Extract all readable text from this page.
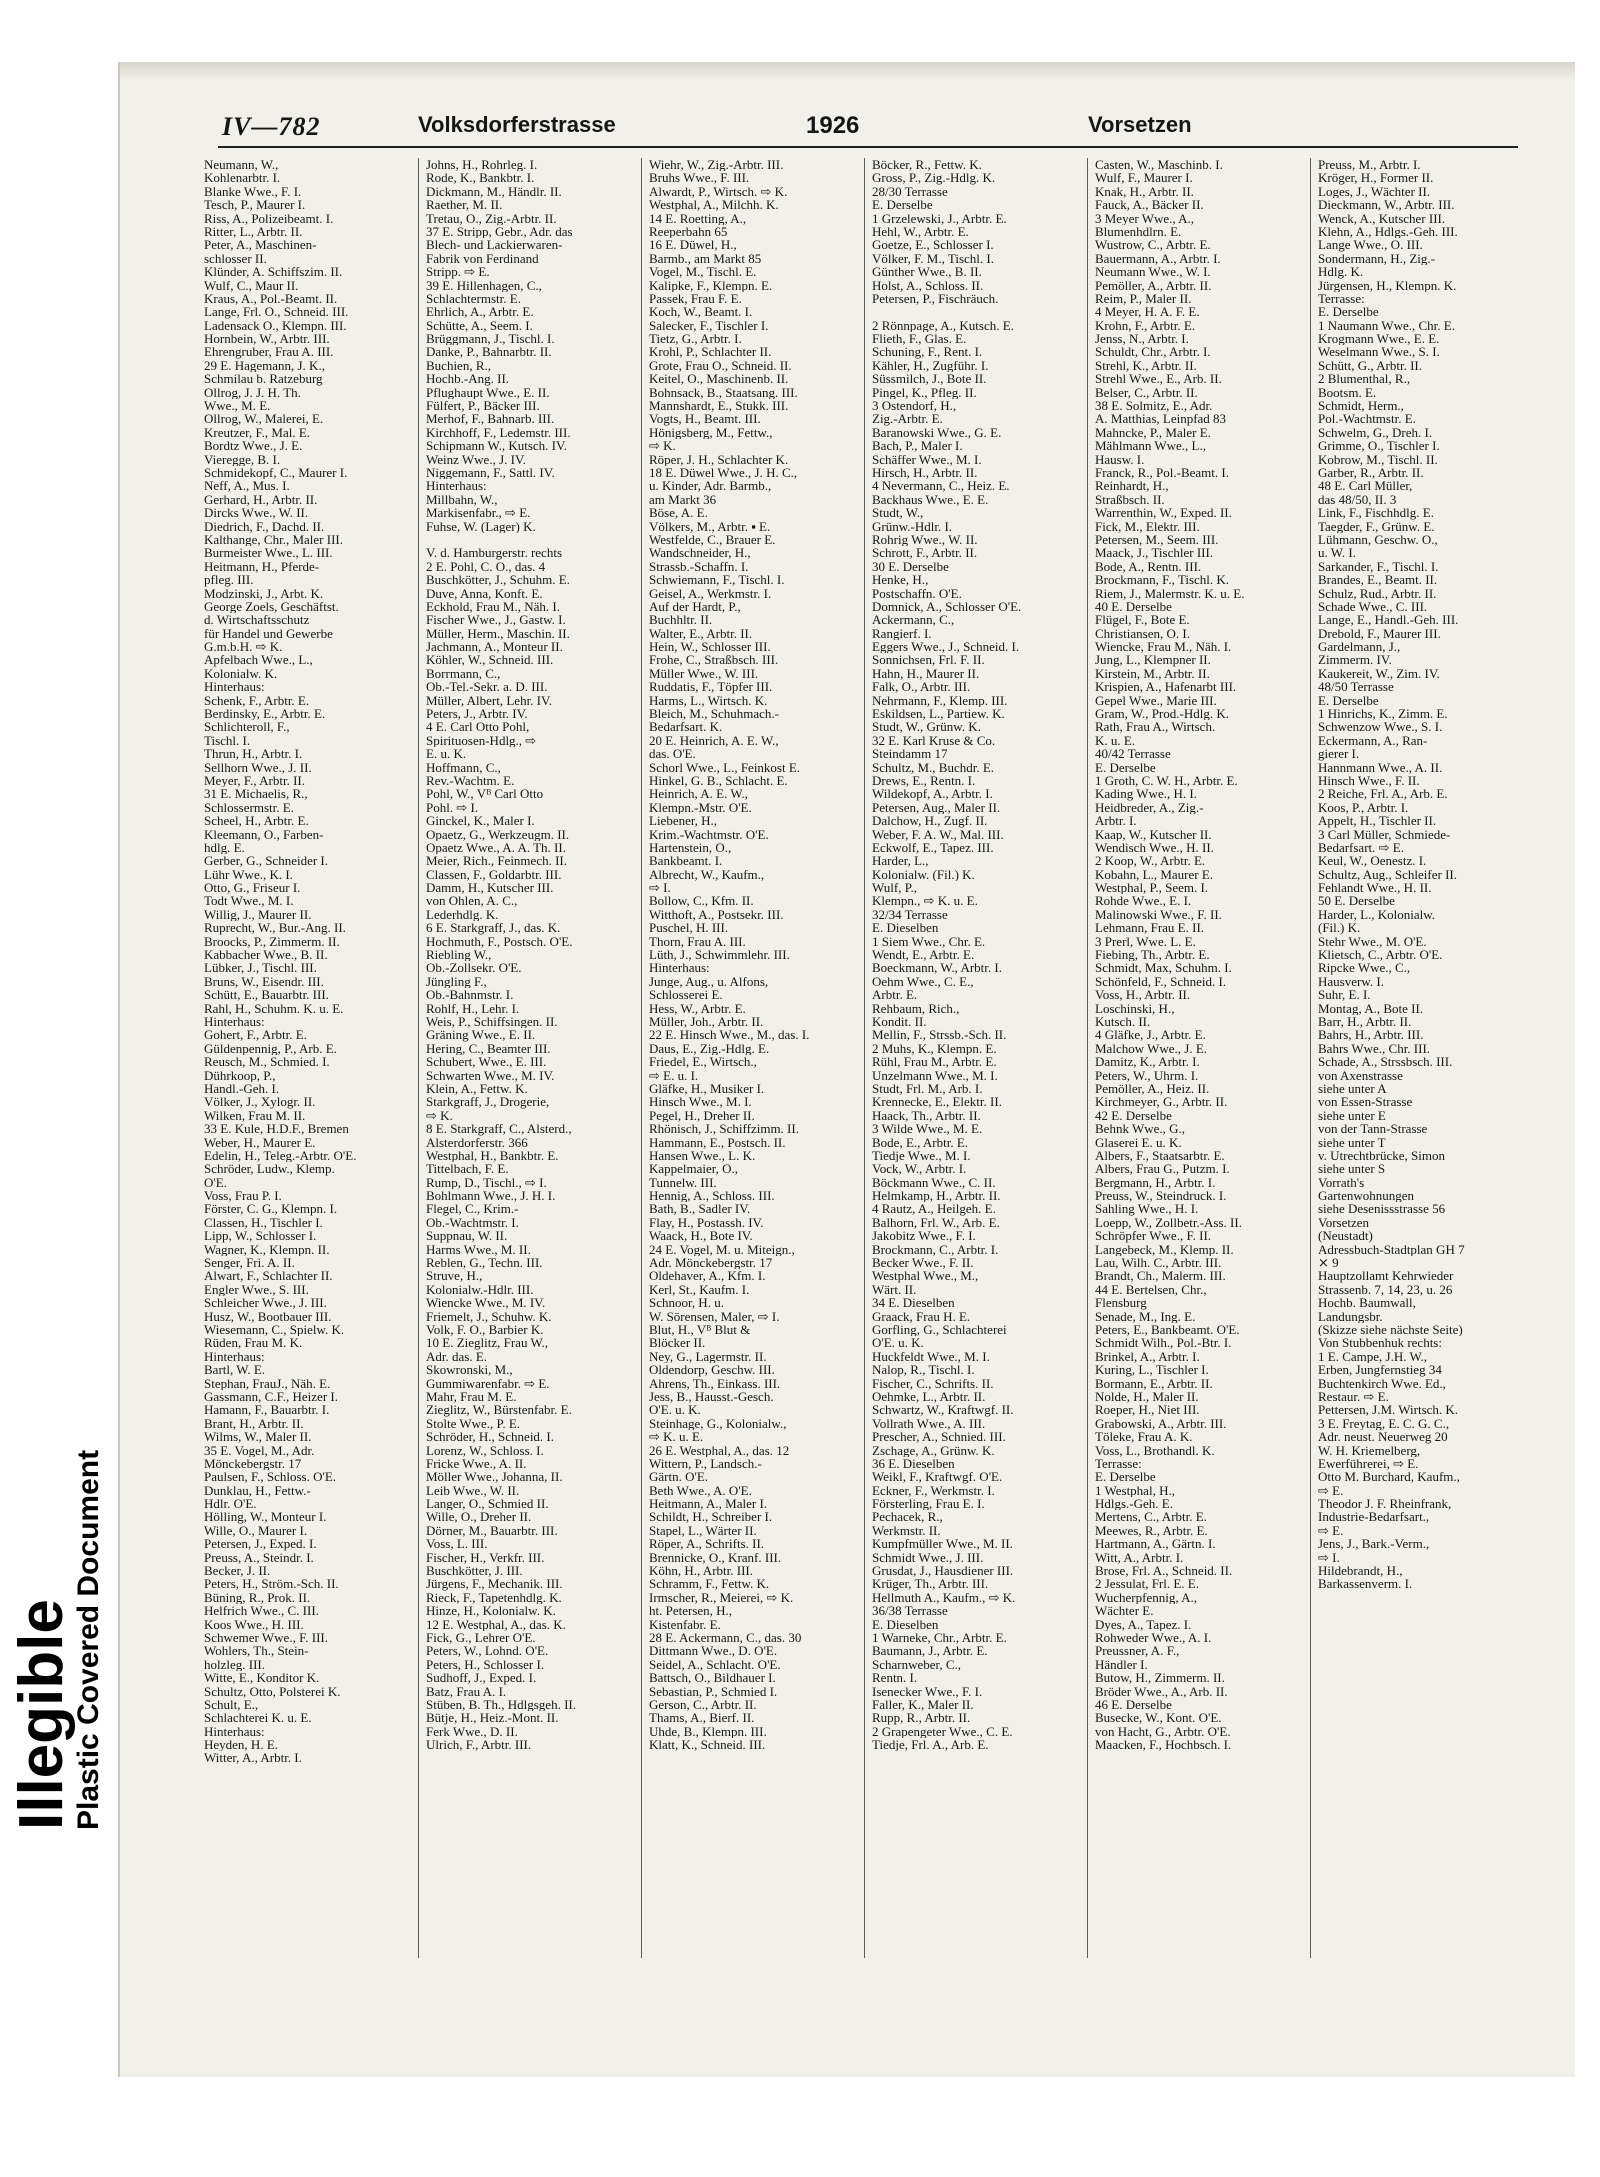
Illegible
Plastic Covered Document
IV—782	Volksdorferstrasse	1926	Vorsetzen
Neumann, W.,
Kohlenarbtr. I.
Blanke Wwe., F. I.
Tesch, P., Maurer I.
Riss, A., Polizeibeamt. I.
Ritter, L., Arbtr. II.
Peter, A., Maschinen-
schlosser II.
Klünder, A. Schiffszim. II.
Wulf, C., Maur II.
Kraus, A., Pol.-Beamt. II.
Lange, Frl. O., Schneid. III.
Ladensack O., Klempn. III.
Hornbein, W., Arbtr. III.
Ehrengruber, Frau A. III.
29 E. Hagemann, J. K.,
Schmilau b. Ratzeburg
Ollrog, J. J. H. Th.
Wwe., M. E.
Ollrog, W., Malerei, E.
Kreutzer, F., Mal. E.
Bordtz Wwe., J. E.
Vieregge, B. I.
Schmidekopf, C., Maurer I.
Neff, A., Mus. I.
Gerhard, H., Arbtr. II.
Dircks Wwe., W. II.
Diedrich, F., Dachd. II.
Kalthange, Chr., Maler III.
Burmeister Wwe., L. III.
Heitmann, H., Pferde-
pfleg. III.
Modzinski, J., Arbt. K.
George Zoels, Geschäftst.
d. Wirtschaftsschutz
für Handel und Gewerbe
G.m.b.H. ⇨ K.
Apfelbach Wwe., L.,
Kolonialw. K.
Hinterhaus:
Schenk, F., Arbtr. E.
Berdinsky, E., Arbtr. E.
Schlichteroll, F.,
Tischl. I.
Thrun, H., Arbtr. I.
Sellhorn Wwe., J. II.
Meyer, F., Arbtr. II.
31 E. Michaelis, R.,
Schlossermstr. E.
Scheel, H., Arbtr. E.
Kleemann, O., Farben-
hdlg. E.
Gerber, G., Schneider I.
Lühr Wwe., K. I.
Otto, G., Friseur I.
Todt Wwe., M. I.
Willig, J., Maurer II.
Ruprecht, W., Bur.-Ang. II.
Broocks, P., Zimmerm. II.
Kabbacher Wwe., B. II.
Lübker, J., Tischl. III.
Bruns, W., Eisendr. III.
Schütt, E., Bauarbtr. III.
Rahl, H., Schuhm. K. u. E.
Hinterhaus:
Gohert, F., Arbtr. E.
Güldenpennig, P., Arb. E.
Reusch, M., Schmied. I.
Dührkoop, P.,
Handl.-Geh. I.
Völker, J., Xylogr. II.
Wilken, Frau M. II.
33 E. Kule, H.D.F., Bremen
Weber, H., Maurer E.
Edelin, H., Teleg.-Arbtr. O'E.
Schröder, Ludw., Klemp.
O'E.
Voss, Frau P. I.
Förster, C. G., Klempn. I.
Classen, H., Tischler I.
Lipp, W., Schlosser I.
Wagner, K., Klempn. II.
Senger, Fri. A. II.
Alwart, F., Schlachter II.
Engler Wwe., S. III.
Schleicher Wwe., J. III.
Husz, W., Bootbauer III.
Wiesemann, C., Spielw. K.
Rüden, Frau M. K.
Hinterhaus:
Bartl, W. E.
Stephan, FrauJ., Näh. E.
Gassmann, C.F., Heizer I.
Hamann, F., Bauarbtr. I.
Brant, H., Arbtr. II.
Wilms, W., Maler II.
35 E. Vogel, M., Adr.
Mönckebergstr. 17
Paulsen, F., Schloss. O'E.
Dunklau, H., Fettw.-
Hdlr. O'E.
Hölling, W., Monteur I.
Wille, O., Maurer I.
Petersen, J., Exped. I.
Preuss, A., Steindr. I.
Becker, J. II.
Peters, H., Ström.-Sch. II.
Büning, R., Prok. II.
Helfrich Wwe., C. III.
Koos Wwe., H. III.
Schwemer Wwe., F. III.
Wohlers, Th., Stein-
holzleg. III.
Witte, E., Konditor K.
Schultz, Otto, Polsterei K.
Schult, E.,
Schlachterei K. u. E.
Hinterhaus:
Heyden, H. E.
Witter, A., Arbtr. I.
Johns, H., Rohrleg. I.
Rode, K., Bankbtr. I.
Dickmann, M., Händlr. II.
Raether, M. II.
Tretau, O., Zig.-Arbtr. II.
37 E. Stripp, Gebr., Adr. das
Blech- und Lackierwaren-
Fabrik von Ferdinand
Stripp. ⇨ E.
39 E. Hillenhagen, C.,
Schlachtermstr. E.
Ehrlich, A., Arbtr. E.
Schütte, A., Seem. I.
Brüggmann, J., Tischl. I.
Danke, P., Bahnarbtr. II.
Buchien, R.,
Hochb.-Ang. II.
Pflughaupt Wwe., E. II.
Fülfert, P., Bäcker III.
Merhof, F., Bahnarb. III.
Kirchhoff, F., Ledemstr. III.
Schipmann W., Kutsch. IV.
Weinz Wwe., J. IV.
Niggemann, F., Sattl. IV.
Hinterhaus:
Millbahn, W.,
Markisenfabr., ⇨ E.
Fuhse, W. (Lager) K.
V. d. Hamburgerstr. rechts
2 E. Pohl, C. O., das. 4
Buschkötter, J., Schuhm. E.
Duve, Anna, Konft. E.
Eckhold, Frau M., Näh. I.
Fischer Wwe., J., Gastw. I.
Müller, Herm., Maschin. II.
Jachmann, A., Monteur II.
Köhler, W., Schneid. III.
Borrmann, C.,
Ob.-Tel.-Sekr. a. D. III.
Müller, Albert, Lehr. IV.
Peters, J., Arbtr. IV.
4 E. Carl Otto Pohl,
Spirituosen-Hdlg., ⇨
E. u. K.
Hoffmann, C.,
Rev.-Wachtm. E.
Pohl, W., Vᴮ Carl Otto
Pohl. ⇨ I.
Ginckel, K., Maler I.
Opaetz, G., Werkzeugm. II.
Opaetz Wwe., A. A. Th. II.
Meier, Rich., Feinmech. II.
Classen, F., Goldarbtr. III.
Damm, H., Kutscher III.
von Ohlen, A. C.,
Lederhdlg. K.
6 E. Starkgraff, J., das. K.
Hochmuth, F., Postsch. O'E.
Riebling W.,
Ob.-Zollsekr. O'E.
Jüngling F.,
Ob.-Bahnmstr. I.
Rohlf, H., Lehr. I.
Weis, P., Schiffsingen. II.
Gräning Wwe., E. II.
Hering, C., Beamter III.
Schubert, Wwe., E. III.
Schwarten Wwe., M. IV.
Klein, A., Fettw. K.
Starkgraff, J., Drogerie,
⇨ K.
8 E. Starkgraff, C., Alsterd.,
Alsterdorferstr. 366
Westphal, H., Bankbtr. E.
Tittelbach, F. E.
Rump, D., Tischl., ⇨ I.
Bohlmann Wwe., J. H. I.
Flegel, C., Krim.-
Ob.-Wachtmstr. I.
Suppnau, W. II.
Harms Wwe., M. II.
Reblen, G., Techn. III.
Struve, H.,
Kolonialw.-Hdlr. III.
Wiencke Wwe., M. IV.
Friemelt, J., Schuhw. K.
Volk, F. O., Barbier K.
10 E. Zieglitz, Frau W.,
Adr. das. E.
Skowronski, M.,
Gummiwarenfabr. ⇨ E.
Mahr, Frau M. E.
Zieglitz, W., Bürstenfabr. E.
Stolte Wwe., P. E.
Schröder, H., Schneid. I.
Lorenz, W., Schloss. I.
Fricke Wwe., A. II.
Möller Wwe., Johanna, II.
Leib Wwe., W. II.
Langer, O., Schmied II.
Wille, O., Dreher II.
Dörner, M., Bauarbtr. III.
Voss, L. III.
Fischer, H., Verkfr. III.
Buschkötter, J. III.
Jürgens, F., Mechanik. III.
Rieck, F., Tapetenhdlg. K.
Hinze, H., Kolonialw. K.
12 E. Westphal, A., das. K.
Fick, G., Lehrer O'E.
Peters, W., Lohnd. O'E.
Peters, H., Schlosser I.
Sudhoff, J., Exped. I.
Batz, Frau A. I.
Stüben, B. Th., Hdlgsgeh. II.
Bütje, H., Heiz.-Mont. II.
Ferk Wwe., D. II.
Ulrich, F., Arbtr. III.
Wiehr, W., Zig.-Arbtr. III.
Bruhs Wwe., F. III.
Alwardt, P., Wirtsch. ⇨ K.
Westphal, A., Milchh. K.
14 E. Roetting, A.,
Reeperbahn 65
16 E. Düwel, H.,
Barmb., am Markt 85
Vogel, M., Tischl. E.
Kalipke, F., Klempn. E.
Passek, Frau F. E.
Koch, W., Beamt. I.
Salecker, F., Tischler I.
Tietz, G., Arbtr. I.
Krohl, P., Schlachter II.
Grote, Frau O., Schneid. II.
Keitel, O., Maschinenb. II.
Bohnsack, B., Staatsang. III.
Mannshardt, E., Stukk. III.
Vogts, H., Beamt. III.
Hönigsberg, M., Fettw.,
⇨ K.
Röper, J. H., Schlachter K.
18 E. Düwel Wwe., J. H. C.,
u. Kinder, Adr. Barmb.,
am Markt 36
Böse, A. E.
Völkers, M., Arbtr. ▪ E.
Westfelde, C., Brauer E.
Wandschneider, H.,
Strassb.-Schaffn. I.
Schwiemann, F., Tischl. I.
Geisel, A., Werkmstr. I.
Auf der Hardt, P.,
Buchhltr. II.
Walter, E., Arbtr. II.
Hein, W., Schlosser III.
Frohe, C., Straßbsch. III.
Müller Wwe., W. III.
Ruddatis, F., Töpfer III.
Harms, L., Wirtsch. K.
Bleich, M., Schuhmach.-
Bedarfsart. K.
20 E. Heinrich, A. E. W.,
das. O'E.
Schorl Wwe., L., Feinkost E.
Hinkel, G. B., Schlacht. E.
Heinrich, A. E. W.,
Klempn.-Mstr. O'E.
Liebener, H.,
Krim.-Wachtmstr. O'E.
Hartenstein, O.,
Bankbeamt. I.
Albrecht, W., Kaufm.,
⇨ I.
Bollow, C., Kfm. II.
Witthoft, A., Postsekr. III.
Puschel, H. III.
Thorn, Frau A. III.
Lüth, J., Schwimmlehr. III.
Hinterhaus:
Junge, Aug., u. Alfons,
Schlosserei E.
Hess, W., Arbtr. E.
Müller, Joh., Arbtr. II.
22 E. Hinsch Wwe., M., das. I.
Daus, E., Zig.-Hdlg. E.
Friedel, E., Wirtsch.,
⇨ E. u. I.
Gläfke, H., Musiker I.
Hinsch Wwe., M. I.
Pegel, H., Dreher II.
Rhönisch, J., Schiffzimm. II.
Hammann, E., Postsch. II.
Hansen Wwe., L. K.
Kappelmaier, O.,
Tunnelw. III.
Hennig, A., Schloss. III.
Bath, B., Sadler IV.
Flay, H., Postassh. IV.
Waack, H., Bote IV.
24 E. Vogel, M. u. Miteign.,
Adr. Mönckebergstr. 17
Oldehaver, A., Kfm. I.
Kerl, St., Kaufm. I.
Schnoor, H. u.
W. Sörensen, Maler, ⇨ I.
Blut, H., Vᴮ Blut &
Blöcker II.
Ney, G., Lagermstr. II.
Oldendorp, Geschw. III.
Ahrens, Th., Einkass. III.
Jess, B., Hausst.-Gesch.
O'E. u. K.
Steinhage, G., Kolonialw.,
⇨ K. u. E.
26 E. Westphal, A., das. 12
Wittern, P., Landsch.-
Gärtn. O'E.
Beth Wwe., A. O'E.
Heitmann, A., Maler I.
Schildt, H., Schreiber I.
Stapel, L., Wärter II.
Röper, A., Schrifts. II.
Brennicke, O., Kranf. III.
Köhn, H., Arbtr. III.
Schramm, F., Fettw. K.
Irmscher, R., Meierei, ⇨ K.
ht. Petersen, H.,
Kistenfabr. E.
28 E. Ackermann, C., das. 30
Dittmann Wwe., D. O'E.
Seidel, A., Schlacht. O'E.
Battsch, O., Bildhauer I.
Sebastian, P., Schmied I.
Gerson, C., Arbtr. II.
Thams, A., Bierf. II.
Uhde, B., Klempn. III.
Klatt, K., Schneid. III.
Böcker, R., Fettw. K.
Gross, P., Zig.-Hdlg. K.
28/30 Terrasse
E. Derselbe
1 Grzelewski, J., Arbtr. E.
Hehl, W., Arbtr. E.
Goetze, E., Schlosser I.
Völker, F. M., Tischl. I.
Günther Wwe., B. II.
Holst, A., Schloss. II.
Petersen, P., Fischräuch.
2 Rönnpage, A., Kutsch. E.
Flieth, F., Glas. E.
Schuning, F., Rent. I.
Kähler, H., Zugführ. I.
Süssmilch, J., Bote II.
Pingel, K., Pfleg. II.
3 Ostendorf, H.,
Zig.-Arbtr. E.
Baranowski Wwe., G. E.
Bach, P., Maler I.
Schäffer Wwe., M. I.
Hirsch, H., Arbtr. II.
4 Nevermann, C., Heiz. E.
Backhaus Wwe., E. E.
Studt, W.,
Grünw.-Hdlr. I.
Rohrig Wwe., W. II.
Schrott, F., Arbtr. II.
30 E. Derselbe
Henke, H.,
Postschaffn. O'E.
Domnick, A., Schlosser O'E.
Ackermann, C.,
Rangierf. I.
Eggers Wwe., J., Schneid. I.
Sonnichsen, Frl. F. II.
Hahn, H., Maurer II.
Falk, O., Arbtr. III.
Nehrmann, F., Klemp. III.
Eskildsen, L., Partiew. K.
Studt, W., Grünw. K.
32 E. Karl Kruse & Co.
Steindamm 17
Schultz, M., Buchdr. E.
Drews, E., Rentn. I.
Wildekopf, A., Arbtr. I.
Petersen, Aug., Maler II.
Dalchow, H., Zugf. II.
Weber, F. A. W., Mal. III.
Eckwolf, E., Tapez. III.
Harder, L.,
Kolonialw. (Fil.) K.
Wulf, P.,
Klempn., ⇨ K. u. E.
32/34 Terrasse
E. Dieselben
1 Siem Wwe., Chr. E.
Wendt, E., Arbtr. E.
Boeckmann, W., Arbtr. I.
Oehm Wwe., C. E.,
Arbtr. E.
Rehbaum, Rich.,
Kondit. II.
Mellin, F., Strssb.-Sch. II.
2 Muhs, K., Klempn. E.
Rühl, Frau M., Arbtr. E.
Unzelmann Wwe., M. I.
Studt, Frl. M., Arb. I.
Krennecke, E., Elektr. II.
Haack, Th., Arbtr. II.
3 Wilde Wwe., M. E.
Bode, E., Arbtr. E.
Tiedje Wwe., M. I.
Vock, W., Arbtr. I.
Böckmann Wwe., C. II.
Helmkamp, H., Arbtr. II.
4 Rautz, A., Heilgeh. E.
Balhorn, Frl. W., Arb. E.
Jakobitz Wwe., F. I.
Brockmann, C., Arbtr. I.
Becker Wwe., F. II.
Westphal Wwe., M.,
Wärt. II.
34 E. Dieselben
Graack, Frau H. E.
Gorfling, G., Schlachterei
O'E. u. K.
Huckfeldt Wwe., M. I.
Nalop, R., Tischl. I.
Fischer, C., Schrifts. II.
Oehmke, L., Arbtr. II.
Schwartz, W., Kraftwgf. II.
Vollrath Wwe., A. III.
Prescher, A., Schnied. III.
Zschage, A., Grünw. K.
36 E. Dieselben
Weikl, F., Kraftwgf. O'E.
Eckner, F., Werkmstr. I.
Försterling, Frau E. I.
Pechacek, R.,
Werkmstr. II.
Kumpfmüller Wwe., M. II.
Schmidt Wwe., J. III.
Grusdat, J., Hausdiener III.
Krüger, Th., Arbtr. III.
Hellmuth A., Kaufm., ⇨ K.
36/38 Terrasse
E. Dieselben
1 Warneke, Chr., Arbtr. E.
Baumann, J., Arbtr. E.
Scharnweber, C.,
Rentn. I.
Isenecker Wwe., F. I.
Faller, K., Maler II.
Rupp, R., Arbtr. II.
2 Grapengeter Wwe., C. E.
Tiedje, Frl. A., Arb. E.
Casten, W., Maschinb. I.
Wulf, F., Maurer I.
Knak, H., Arbtr. II.
Fauck, A., Bäcker II.
3 Meyer Wwe., A.,
Blumenhdlrn. E.
Wustrow, C., Arbtr. E.
Bauermann, A., Arbtr. I.
Neumann Wwe., W. I.
Pemöller, A., Arbtr. II.
Reim, P., Maler II.
4 Meyer, H. A. F. E.
Krohn, F., Arbtr. E.
Jenss, N., Arbtr. I.
Schuldt, Chr., Arbtr. I.
Strehl, K., Arbtr. II.
Strehl Wwe., E., Arb. II.
Belser, C., Arbtr. II.
38 E. Solmitz, E., Adr.
A. Matthias, Leinpfad 83
Mahncke, P., Maler E.
Mählmann Wwe., L.,
Hausw. I.
Franck, R., Pol.-Beamt. I.
Reinhardt, H.,
Straßbsch. II.
Warrenthin, W., Exped. II.
Fick, M., Elektr. III.
Petersen, M., Seem. III.
Maack, J., Tischler III.
Bode, A., Rentn. III.
Brockmann, F., Tischl. K.
Riem, J., Malermstr. K. u. E.
40 E. Derselbe
Flügel, F., Bote E.
Christiansen, O. I.
Wiencke, Frau M., Näh. I.
Jung, L., Klempner II.
Kirstein, M., Arbtr. II.
Krispien, A., Hafenarbt III.
Gepel Wwe., Marie III.
Gram, W., Prod.-Hdlg. K.
Rath, Frau A., Wirtsch.
K. u. E.
40/42 Terrasse
E. Derselbe
1 Groth, C. W. H., Arbtr. E.
Kading Wwe., H. I.
Heidbreder, A., Zig.-
Arbtr. I.
Kaap, W., Kutscher II.
Wendisch Wwe., H. II.
2 Koop, W., Arbtr. E.
Kobahn, L., Maurer E.
Westphal, P., Seem. I.
Rohde Wwe., E. I.
Malinowski Wwe., F. II.
Lehmann, Frau E. II.
3 Prerl, Wwe. L. E.
Fiebing, Th., Arbtr. E.
Schmidt, Max, Schuhm. I.
Schönfeld, F., Schneid. I.
Voss, H., Arbtr. II.
Loschinski, H.,
Kutsch. II.
4 Gläfke, J., Arbtr. E.
Malchow Wwe., J. E.
Damitz, K., Arbtr. I.
Peters, W., Uhrm. I.
Pemöller, A., Heiz. II.
Kirchmeyer, G., Arbtr. II.
42 E. Derselbe
Behnk Wwe., G.,
Glaserei E. u. K.
Albers, F., Staatsarbtr. E.
Albers, Frau G., Putzm. I.
Bergmann, H., Arbtr. I.
Preuss, W., Steindruck. I.
Sahling Wwe., H. I.
Loepp, W., Zollbetr.-Ass. II.
Schröpfer Wwe., F. II.
Langebeck, M., Klemp. II.
Lau, Wilh. C., Arbtr. III.
Brandt, Ch., Malerm. III.
44 E. Bertelsen, Chr.,
Flensburg
Senade, M., Ing. E.
Peters, E., Bankbeamt. O'E.
Schmidt Wilh., Pol.-Btr. I.
Brinkel, A., Arbtr. I.
Kuring, L., Tischler I.
Bormann, E., Arbtr. II.
Nolde, H., Maler II.
Roeper, H., Niet III.
Grabowski, A., Arbtr. III.
Töleke, Frau A. K.
Voss, L., Brothandl. K.
Terrasse:
E. Derselbe
1 Westphal, H.,
Hdlgs.-Geh. E.
Mertens, C., Arbtr. E.
Meewes, R., Arbtr. E.
Hartmann, A., Gärtn. I.
Witt, A., Arbtr. I.
Brose, Frl. A., Schneid. II.
2 Jessulat, Frl. E. E.
Wucherpfennig, A.,
Wächter E.
Dyes, A., Tapez. I.
Rohweder Wwe., A. I.
Preussner, A. F.,
Händler I.
Butow, H., Zimmerm. II.
Bröder Wwe., A., Arb. II.
46 E. Derselbe
Busecke, W., Kont. O'E.
von Hacht, G., Arbtr. O'E.
Maacken, F., Hochbsch. I.
Preuss, M., Arbtr. I.
Kröger, H., Former II.
Loges, J., Wächter II.
Dieckmann, W., Arbtr. III.
Wenck, A., Kutscher III.
Klehn, A., Hdlgs.-Geh. III.
Lange Wwe., O. III.
Sondermann, H., Zig.-
Hdlg. K.
Jürgensen, H., Klempn. K.
Terrasse:
E. Derselbe
1 Naumann Wwe., Chr. E.
Krogmann Wwe., E. E.
Weselmann Wwe., S. I.
Schütt, G., Arbtr. II.
2 Blumenthal, R.,
Bootsm. E.
Schmidt, Herm.,
Pol.-Wachtmstr. E.
Schwelm, G., Dreh. I.
Grimme, O., Tischler I.
Kobrow, M., Tischl. II.
Garber, R., Arbtr. II.
48 E. Carl Müller,
das 48/50, II. 3
Link, F., Fischhdlg. E.
Taegder, F., Grünw. E.
Lühmann, Geschw. O.,
u. W. I.
Sarkander, F., Tischl. I.
Brandes, E., Beamt. II.
Schulz, Rud., Arbtr. II.
Schade Wwe., C. III.
Lange, E., Handl.-Geh. III.
Drebold, F., Maurer III.
Gardelmann, J.,
Zimmerm. IV.
Kaukereit, W., Zim. IV.
48/50 Terrasse
E. Derselbe
1 Hinrichs, K., Zimm. E.
Schwenzow Wwe., S. I.
Eckermann, A., Ran-
gierer I.
Hannmann Wwe., A. II.
Hinsch Wwe., F. II.
2 Reiche, Frl. A., Arb. E.
Koos, P., Arbtr. I.
Appelt, H., Tischler II.
3 Carl Müller, Schmiede-
Bedarfsart. ⇨ E.
Keul, W., Oenestz. I.
Schultz, Aug., Schleifer II.
Fehlandt Wwe., H. II.
50 E. Derselbe
Harder, L., Kolonialw.
(Fil.) K.
Stehr Wwe., M. O'E.
Klietsch, C., Arbtr. O'E.
Ripcke Wwe., C.,
Hausverw. I.
Suhr, E. I.
Montag, A., Bote II.
Barr, H., Arbtr. II.
Bahrs, H., Arbtr. III.
Bahrs Wwe., Chr. III.
Schade, A., Strssbsch. III.
von Axenstrasse
siehe unter A
von Essen-Strasse
siehe unter E
von der Tann-Strasse
siehe unter T
v. Utrechtbrücke, Simon
siehe unter S
Vorrath's
Gartenwohnungen
siehe Desenissstrasse 56
Vorsetzen
(Neustadt)
Adressbuch-Stadtplan GH 7
⨯ 9
Hauptzollamt Kehrwieder
Strassenb. 7, 14, 23, u. 26
Hochb. Baumwall,
Landungsbr.
(Skizze siehe nächste Seite)
Von Stubbenhuk rechts:
1 E. Campe, J.H. W.,
Erben, Jungfernstieg 34
Buchtenkirch Wwe. Ed.,
Restaur. ⇨ E.
Pettersen, J.M. Wirtsch. K.
3 E. Freytag, E. C. G. C.,
Adr. neust. Neuerweg 20
W. H. Kriemelberg,
Ewerführerei, ⇨ E.
Otto M. Burchard, Kaufm.,
⇨ E.
Theodor J. F. Rheinfrank,
Industrie-Bedarfsart.,
⇨ E.
Jens, J., Bark.-Verm.,
⇨ I.
Hildebrandt, H.,
Barkassenverm. I.
